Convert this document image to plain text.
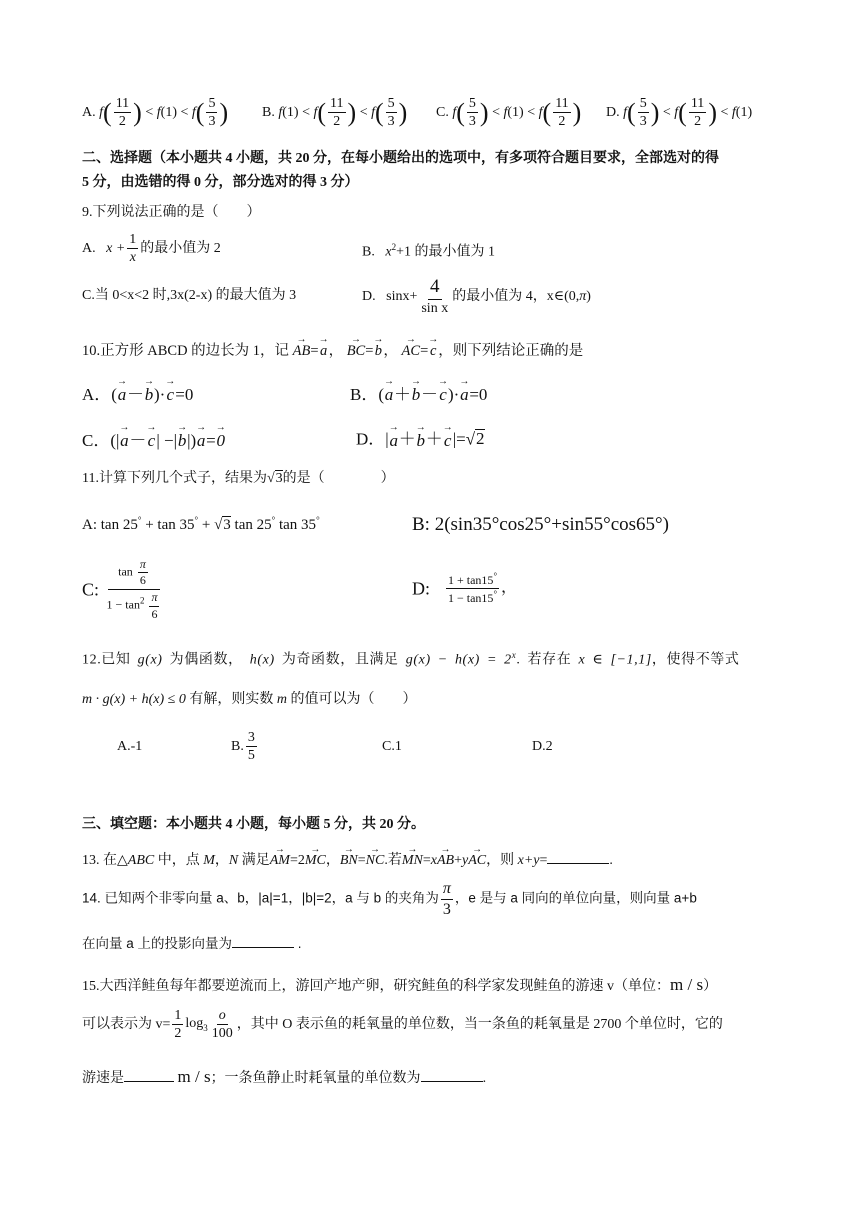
A. $f( \frac{11}{2}$ ) < $f(1) < f( \frac{5}{3}$ ) B. $f(1) < f( \frac{11}{2}$ ) < $f( \frac{5}{3}$ ) C. $f( \frac{5}{3}$ ) < $f(1) < f( \frac{11}{2}$ ) D. $f( \frac{5}{3}$ ) < $f( \frac{11}{2}$ ) < f(1)
二、选择题（本小题共 4 小题，共 20 分，在每小题给出的选项中，有多项符合题目要求，全部选对的得
5 分，由选错的得 0 分，部分选对的得 3 分）
9.下列说法正确的是（　　）
A. $x + \frac{1}{x}$ 的最小值为 2	B. $x^2+1$ 的最小值为 1
C.当 0<x<2 时,3x(2-x) 的最大值为 3	D. $\sin x+ \frac{4}{\text{sin x}}$ 的最小值为 4，x∈(0,π)
10.正方形 ABCD 的边长为 1，记
→
AB =
→
a ，
→
BC =
→
b ，
→
AC =
→
c ，则下列结论正确的是
A．(
→
a －
→
b )·
→
c =0	B．(
→
a ＋
→
b －
→
c )·
→
a =0
C．(|
→
a －
→
c | −|
→
b |)
→
a =
→
0	D．|
→
a ＋
→
b ＋
→
c |=√2
11.计算下列几个式子，结果为√3的是（　　　　）
A: tan 25° + tan 35° + √3 tan 25° tan 35°	B: 2(sin35°cos25°+sin55°cos65°)
C: $\frac{\tan \frac{\pi}{6}}{1 - \tan^2 \frac{\pi}{6}}$	D: $\frac{1 + \tan 15^\circ}{1 - \tan 15^\circ}$ ，
12.已知 g(x) 为偶函数， h(x) 为奇函数，且满足 $g(x) - h(x) = 2^x$. 若存在 x ∈ [−1,1]，使得不等式
m · g(x) + h(x) ≤ 0 有解，则实数 m 的值可以为（　　）
A.-1	B. $\frac{3}{5}$	C.1	D.2
三、填空题：本小题共 4 小题，每小题 5 分，共 20 分。
13. 在△ABC 中，点 M，N 满足
→
AM =2
→
MC ，
→
BN =
→
NC .若
→
MN =x
→
AB +y
→
AC ，则 x+y=	.
14. 已知两个非零向量 a、b，|a|=1，|b|=2，a 与 b 的夹角为 $\frac{\pi}{3}$ ，e 是与 a 同向的单位向量，则向量 a+b
在向量 a 上的投影向量为	.
15.大西洋鲑鱼每年都要逆流而上，游回产地产卵，研究鲑鱼的科学家发现鲑鱼的游速 v（单位：m / s）
可以表示为 $v= \frac{1}{2} \log_3 \frac{o}{100}$ ，其中 O 表示鱼的耗氧量的单位数，当一条鱼的耗氧量是 2700 个单位时，它的
游速是	m / s；一条鱼静止时耗氧量的单位数为	.
